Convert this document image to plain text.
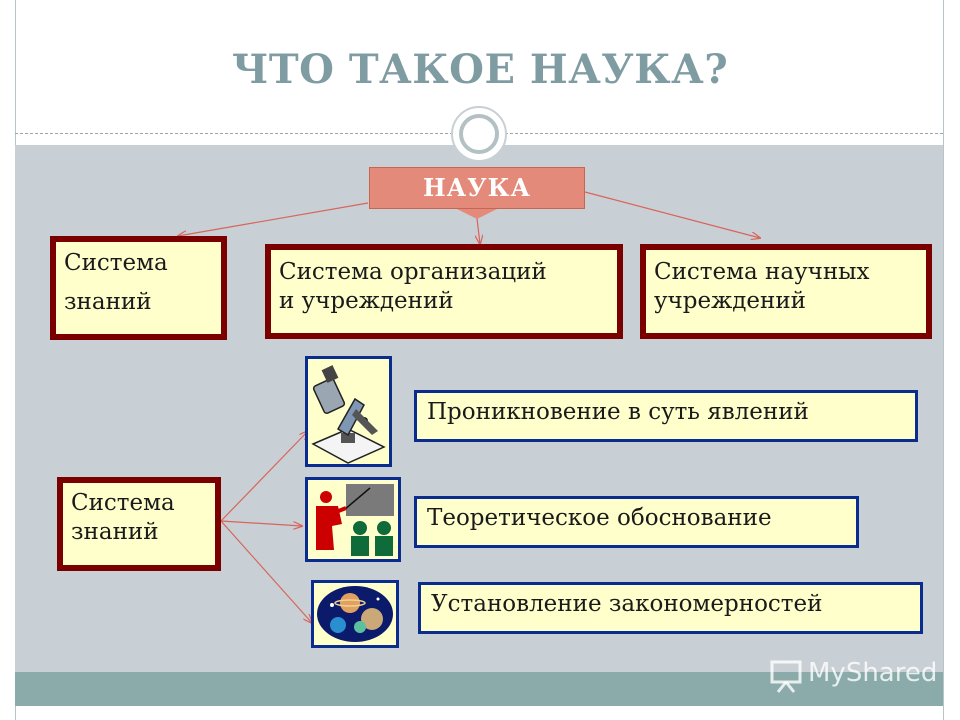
ЧТО ТАКОЕ НАУКА?
НАУКА
Система
знаний
Система организаций
и учреждений
Система научных
учреждений
Система
знаний
Проникновение в суть явлений
Теоретическое обоснование
Установление закономерностей
MyShared
